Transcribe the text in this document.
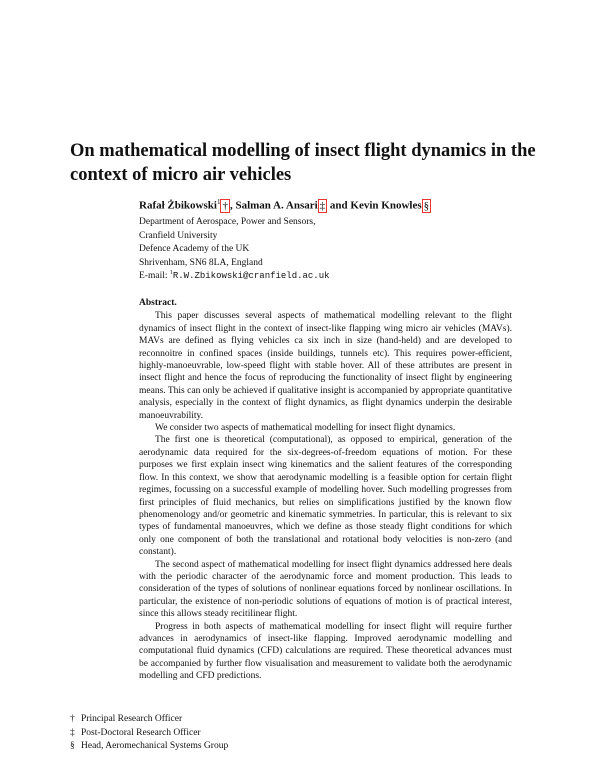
On mathematical modelling of insect flight dynamics in the context of micro air vehicles
Rafał Żbikowski$^1$ † , Salman A. Ansari ‡ and Kevin Knowles §
Department of Aerospace, Power and Sensors,
Cranfield University
Defence Academy of the UK
Shrivenham, SN6 8LA, England
E-mail: $^1$R.W.Zbikowski@cranfield.ac.uk
Abstract.

This paper discusses several aspects of mathematical modelling relevant to the flight dynamics of insect flight in the context of insect-like flapping wing micro air vehicles (MAVs). MAVs are defined as flying vehicles ca six inch in size (hand-held) and are developed to reconnoitre in confined spaces (inside buildings, tunnels etc). This requires power-efficient, highly-manoeuvrable, low-speed flight with stable hover. All of these attributes are present in insect flight and hence the focus of reproducing the functionality of insect flight by engineering means. This can only be achieved if qualitative insight is accompanied by appropriate quantitative analysis, especially in the context of flight dynamics, as flight dynamics underpin the desirable manoeuvrability.

We consider two aspects of mathematical modelling for insect flight dynamics.

The first one is theoretical (computational), as opposed to empirical, generation of the aerodynamic data required for the six-degrees-of-freedom equations of motion. For these purposes we first explain insect wing kinematics and the salient features of the corresponding flow. In this context, we show that aerodynamic modelling is a feasible option for certain flight regimes, focussing on a successful example of modelling hover. Such modelling progresses from first principles of fluid mechanics, but relies on simplifications justified by the known flow phenomenology and/or geometric and kinematic symmetries. In particular, this is relevant to six types of fundamental manoeuvres, which we define as those steady flight conditions for which only one component of both the translational and rotational body velocities is non-zero (and constant).

The second aspect of mathematical modelling for insect flight dynamics addressed here deals with the periodic character of the aerodynamic force and moment production. This leads to consideration of the types of solutions of nonlinear equations forced by nonlinear oscillations. In particular, the existence of non-periodic solutions of equations of motion is of practical interest, since this allows steady recitilinear flight.

Progress in both aspects of mathematical modelling for insect flight will require further advances in aerodynamics of insect-like flapping. Improved aerodynamic modelling and computational fluid dynamics (CFD) calculations are required. These theoretical advances must be accompanied by further flow visualisation and measurement to validate both the aerodynamic modelling and CFD predictions.

† Principal Research Officer
‡ Post-Doctoral Research Officer
§ Head, Aeromechanical Systems Group
